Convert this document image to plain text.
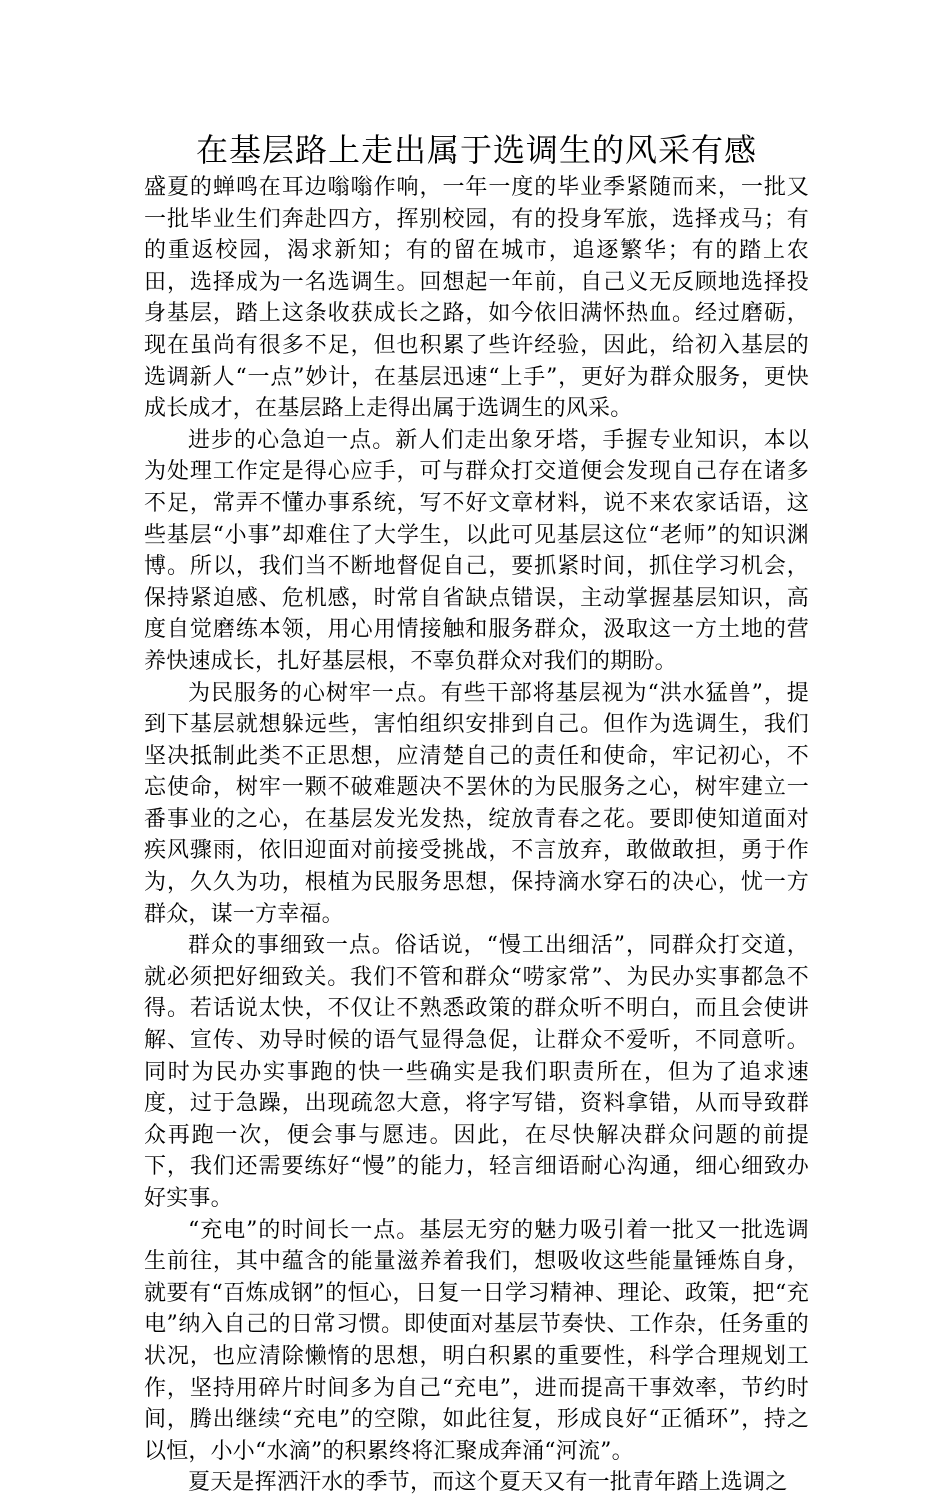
在基层路上走出属于选调生的风采有感

盛夏的蝉鸣在耳边嗡嗡作响，一年一度的毕业季紧随而来，一批又一批毕业生们奔赴四方，挥别校园，有的投身军旅，选择戎马；有的重返校园，渴求新知；有的留在城市，追逐繁华；有的踏上农田，选择成为一名选调生。回想起一年前，自己义无反顾地选择投身基层，踏上这条收获成长之路，如今依旧满怀热血。经过磨砺，现在虽尚有很多不足，但也积累了些许经验，因此，给初入基层的选调新人“一点”妙计，在基层迅速“上手”，更好为群众服务，更快成长成才，在基层路上走得出属于选调生的风采。

进步的心急迫一点。新人们走出象牙塔，手握专业知识，本以为处理工作定是得心应手，可与群众打交道便会发现自己存在诸多不足，常弄不懂办事系统，写不好文章材料，说不来农家话语，这些基层“小事”却难住了大学生，以此可见基层这位“老师”的知识渊博。所以，我们当不断地督促自己，要抓紧时间，抓住学习机会，保持紧迫感、危机感，时常自省缺点错误，主动掌握基层知识，高度自觉磨练本领，用心用情接触和服务群众，汲取这一方土地的营养快速成长，扎好基层根，不辜负群众对我们的期盼。

为民服务的心树牢一点。有些干部将基层视为“洪水猛兽”，提到下基层就想躲远些，害怕组织安排到自己。但作为选调生，我们坚决抵制此类不正思想，应清楚自己的责任和使命，牢记初心，不忘使命，树牢一颗不破难题决不罢休的为民服务之心，树牢建立一番事业的之心，在基层发光发热，绽放青春之花。要即使知道面对疾风骤雨，依旧迎面对前接受挑战，不言放弃，敢做敢担，勇于作为，久久为功，根植为民服务思想，保持滴水穿石的决心，忧一方群众，谋一方幸福。

群众的事细致一点。俗话说，“慢工出细活”，同群众打交道，就必须把好细致关。我们不管和群众“唠家常”、为民办实事都急不得。若话说太快，不仅让不熟悉政策的群众听不明白，而且会使讲解、宣传、劝导时候的语气显得急促，让群众不爱听，不同意听。同时为民办实事跑的快一些确实是我们职责所在，但为了追求速度，过于急躁，出现疏忽大意，将字写错，资料拿错，从而导致群众再跑一次，便会事与愿违。因此，在尽快解决群众问题的前提下，我们还需要练好“慢”的能力，轻言细语耐心沟通，细心细致办好实事。

“充电”的时间长一点。基层无穷的魅力吸引着一批又一批选调生前往，其中蕴含的能量滋养着我们，想吸收这些能量锤炼自身，就要有“百炼成钢”的恒心，日复一日学习精神、理论、政策，把“充电”纳入自己的日常习惯。即使面对基层节奏快、工作杂，任务重的状况，也应清除懒惰的思想，明白积累的重要性，科学合理规划工作，坚持用碎片时间多为自己“充电”，进而提高干事效率，节约时间，腾出继续“充电”的空隙，如此往复，形成良好“正循环”，持之以恒，小小“水滴”的积累终将汇聚成奔涌“河流”。

夏天是挥洒汗水的季节，而这个夏天又有一批青年踏上选调之
